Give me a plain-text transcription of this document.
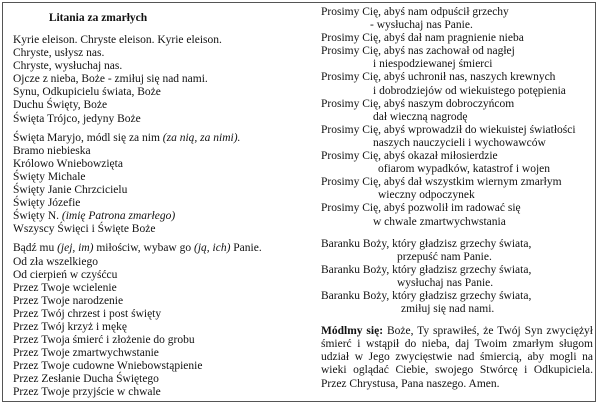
Litania za zmarłych
Kyrie eleison. Chryste eleison. Kyrie eleison.
Chryste, usłysz nas.
Chryste, wysłuchaj nas.
Ojcze z nieba, Boże - zmiłuj się nad nami.
Synu, Odkupicielu świata, Boże
Duchu Święty, Boże
Święta Trójco, jedyny Boże
Święta Maryjo, módl się za nim (za nią, za nimi).
Bramo niebieska
Królowo Wniebowzięta
Święty Michale
Święty Janie Chrzcicielu
Święty Józefie
Święty N. (imię Patrona zmarłego)
Wszyscy Święci i Święte Boże
Bądź mu (jej, im) miłościw, wybaw go (ją, ich) Panie.
Od zła wszelkiego
Od cierpień w czyśćcu
Przez Twoje wcielenie
Przez Twoje narodzenie
Przez Twój chrzest i post święty
Przez Twój krzyż i mękę
Przez Twoja śmierć i złożenie do grobu
Przez Twoje zmartwychwstanie
Przez Twoje cudowne Wniebowstąpienie
Przez Zesłanie Ducha Świętego
Przez Twoje przyjście w chwale
Prosimy Cię, abyś nam odpuścił grzechy
- wysłuchaj nas Panie.
Prosimy Cię, abyś dał nam pragnienie nieba
Prosimy Cię, abyś nas zachował od nagłej
i niespodziewanej śmierci
Prosimy Cię, abyś uchronił nas, naszych krewnych
i dobrodziejów od wiekuistego potępienia
Prosimy Cię, abyś naszym dobroczyńcom
dał wieczną nagrodę
Prosimy Cię, abyś wprowadził do wiekuistej światłości
naszych nauczycieli i wychowawców
Prosimy Cię, abyś okazał miłosierdzie
ofiarom wypadków, katastrof i wojen
Prosimy Cię, abyś dał wszystkim wiernym zmarłym
wieczny odpoczynek
Prosimy Cię, abyś pozwolił im radować się
w chwale zmartwychwstania
Baranku Boży, który gładzisz grzechy świata,
przepuść nam Panie.
Baranku Boży, który gładzisz grzechy świata,
wysłuchaj nas Panie.
Baranku Boży, który gładzisz grzechy świata,
zmiłuj się nad nami.
Módlmy się: Boże, Ty sprawiłeś, że Twój Syn zwyciężył śmierć i wstąpił do nieba, daj Twoim zmarłym sługom udział w Jego zwycięstwie nad śmiercią, aby mogli na wieki oglądać Ciebie, swojego Stwórcę i Odkupiciela. Przez Chrystusa, Pana naszego. Amen.
